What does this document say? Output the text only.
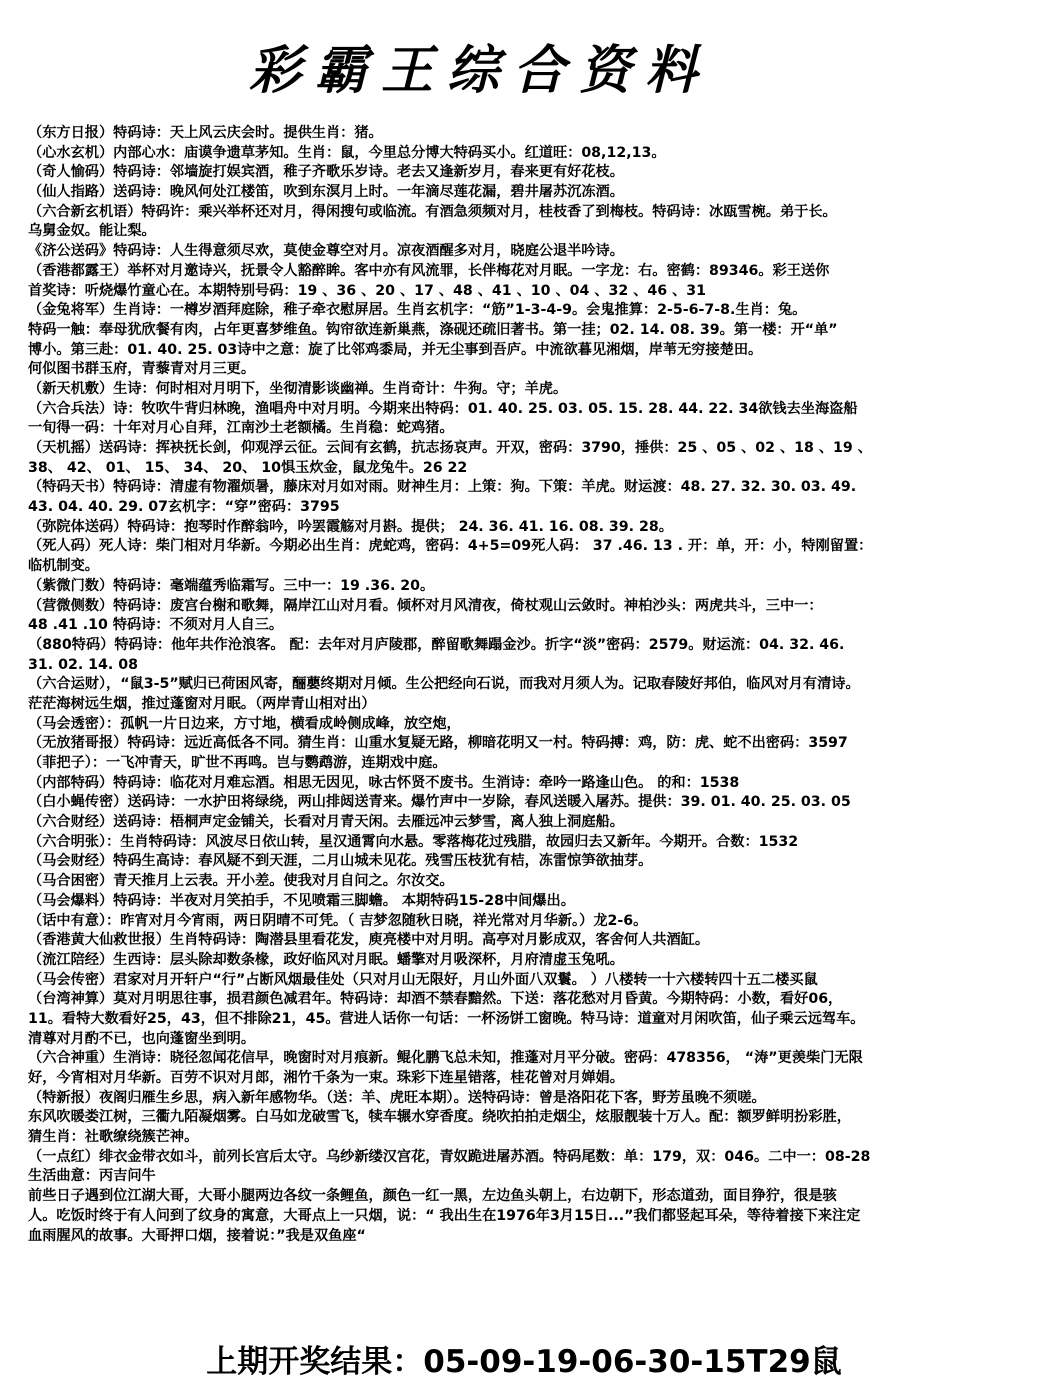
彩霸王综合资料
（东方日报）特码诗：天上风云庆会时。提供生肖：猪。
（心水玄机）内部心水：庙谟争遗草茅知。生肖：鼠，今里总分博大特码买小。红道旺：08,12,13。
（奇人愉码）特码诗：邻墙旋打娱宾酒，稚子齐歌乐岁诗。老去又逢新岁月，春来更有好花枝。
（仙人指路）送码诗：晚风何处江楼笛，吹到东溟月上时。一年滴尽莲花漏，碧井屠苏沉冻酒。
（六合新玄机语）特码许：乘兴举杯还对月，得闲搜句或临流。有酒急须频对月，桂枝香了到梅枝。特码诗：冰瓯雪椀。弟于长。
乌舅金奴。能让梨。
《济公送码》特码诗：人生得意须尽欢，莫使金尊空对月。凉夜酒醒多对月，晓庭公退半吟诗。
（香港都露王）举杯对月邀诗兴，抚景令人豁醉眸。客中亦有风流罪，长伴梅花对月眠。一字龙：右。密鹤：89346。彩王送你
首奖诗：听烧爆竹童心在。本期特别号码：19 、36 、20 、17 、48 、41 、10 、04 、32 、46 、31
（金兔将军）生肖诗：一樽岁酒拜庭除，稚子牵衣慰屏居。生肖玄机字：“筋”1-3-4-9。会鬼推算：2-5-6-7-8.生肖：兔。
特码一触：奉母犹欣餐有肉，占年更喜梦维鱼。钩帘欲连新巢燕，涤砚还疏旧著书。第一挂；02. 14. 08. 39。第一楼：开“单”
博小。第三赴：01. 40. 25. 03诗中之意：旋了比邻鸡黍局，并无尘事到吾庐。中流欲暮见湘烟，岸苇无穷接楚田。
何似图书群玉府，青藜青对月三更。
（新天机敷）生诗：何时相对月明下，坐彻清影谈幽禅。生肖奇计：牛狗。守；羊虎。
（六合兵法）诗：牧吹牛背归林晚，渔唱舟中对月明。今期来出特码：01. 40. 25. 03. 05. 15. 28. 44. 22. 34欲钱去坐海盗船
一旬得一码：十年对月心自拜，江南沙土老额橘。生肖稳：蛇鸡猪。
（天机摇）送码诗：挥袂抚长剑，仰观浮云征。云间有玄鹤，抗志扬哀声。开双，密码：3790，捶供：25 、05 、02 、18 、19 、
38、 42、 01、 15、 34、 20、 10惧玉炊金，鼠龙兔牛。26 22
（特码天书）特码诗：清虚有物濯烦暑，藤床对月如对雨。财神生月：上策：狗。下策：羊虎。财运渡：48. 27. 32. 30. 03. 49.
43. 04. 40. 29. 07玄机字：“穿”密码：3795
（弥院体送码）特码诗：抱琴时作醉翁吟，吟罢霞觞对月斟。提供； 24. 36. 41. 16. 08. 39. 28。
（死人码）死人诗：柴门相对月华新。今期必出生肖：虎蛇鸡，密码：4+5=09死人码： 37 .46. 13 . 开：单，开：小，特刚留置：
临机制变。
（紫微门数）特码诗：毫端蕴秀临霜写。三中一：19 .36. 20。
（营微侧数）特码诗：废宫台榭和歌舞，隔岸江山对月看。倾杯对月风清夜，倚杖观山云敛时。神柏沙头：两虎共斗，三中一：
48 .41 .10 特码诗：不须对月人自三。
（880特码）特码诗：他年共作沧浪客。 配：去年对月庐陵郡，醉留歌舞蹋金沙。折字“淡”密码：2579。财运流：04. 32. 46.
31. 02. 14. 08
（六合运财），“鼠3-5”赋归已荷困风寄，酾蘡终期对月倾。生公把经向石说，而我对月须人为。记取春陵好邦伯，临风对月有清诗。
茫茫海树远生烟，推过蓬窗对月眠。（两岸青山相对出）
（马会透密）：孤帆一片日边来，方寸地，横看成岭侧成峰，放空炮，
（无放猪哥报）特码诗：远近高低各不同。猜生肖：山重水复疑无路，柳暗花明又一村。特码搏：鸡，防：虎、蛇不出密码：3597
（菲把子）：一飞冲青天，旷世不再鸣。岂与鹦鹉游，连期戏中庭。
（内部特码）特码诗：临花对月难忘酒。相思无因见，咏古怀贤不废书。生消诗：牵吟一路逢山色。 的和：1538
（白小蝇传密）送码诗：一水护田将绿绕，两山排闼送青来。爆竹声中一岁除，春风送暖入屠苏。提供：39. 01. 40. 25. 03. 05
（六合财经）送码诗：梧桐声定金铺关，长看对月青天闲。去雁远冲云梦雪，离人独上洞庭船。
（六合明张）：生肖特码诗：风波尽日依山转，星汉通霄向水悬。零落梅花过残腊，故园归去又新年。今期开。合数：1532
（马会财经）特码生高诗：春风疑不到天涯，二月山城未见花。残雪压枝犹有桔，冻雷惊笋欲抽芽。
（马合困密）青天推月上云表。开小差。使我对月自问之。尔汝交。
（马会爆料）特码诗：半夜对月笑拍手，不见喷霜三脚蟾。 本期特码15-28中间爆出。
（话中有意）：昨宵对月今宵雨，两日阴晴不可凭。（ 吉梦忽随秋日晓，祥光常对月华新。）龙2-6。
（香港黄大仙救世报）生肖特码诗：陶潜县里看花发，庾亮楼中对月明。高亭对月影成双，客舍何人共酒缸。
（流江陪经）生西诗：层头除却数条椽，政好临风对月眠。蟠擎对月吸深杯，月府清虚玉兔吼。
（马会传密）君家对月开轩户“行”占断风烟最佳处（只对月山无限好，月山外面八双鬟。 ）八楼转一十六楼转四十五二楼买鼠
（台湾神算）莫对月明思往事，损君颜色减君年。特码诗：却酒不禁春黯然。下送：落花愁对月昏黄。今期特码：小数，看好06，
11。看特大数看好25，43，但不排除21，45。营进人话你一句话：一杯汤饼工窗晚。特马诗：道童对月闲吹笛，仙子乘云远驾车。
清尊对月酌不已，也向蓬窗坐到明。
（六合神重）生消诗：晓径忽闻花信早，晚窗时对月痕新。鲲化鹏飞总未知，推蓬对月平分破。密码：478356， “涛”更羡柴门无限
好，今宵相对月华新。百劳不识对月郎，湘竹千条为一束。珠彩下连星错落，桂花曾对月婵娟。
（特新报）夜阁归雁生乡思，病入新年感物华。（送：羊、虎旺本期）。送特码诗：曾是洛阳花下客，野芳虽晚不须嗟。
东风吹暖娄江树，三衢九陌凝烟雾。白马如龙破雪飞，犊车辗水穿香度。绕吹拍拍走烟尘，炫服靓装十万人。配：额罗鲜明扮彩胜，
猜生肖：社歌缭绕簇芒神。
（一点红）绯衣金带衣如斗，前列长宫后太守。乌纱新缕汉宫花，青奴跪进屠苏酒。特码尾数：单：179，双：046。二中一：08-28
生活曲意：丙吉问牛
前些日子遇到位江湖大哥，大哥小腿两边各纹一条鲤鱼，颜色一红一黑，左边鱼头朝上，右边朝下，形态道劲，面目狰狞，很是骇
人。吃饭时终于有人问到了纹身的寓意，大哥点上一只烟，说：“ 我出生在1976年3月15日...”我们都竖起耳朵，等待着接下来注定
血雨腥风的故事。大哥押口烟，接着说：”我是双鱼座“
上期开奖结果：05-09-19-06-30-15T29鼠
